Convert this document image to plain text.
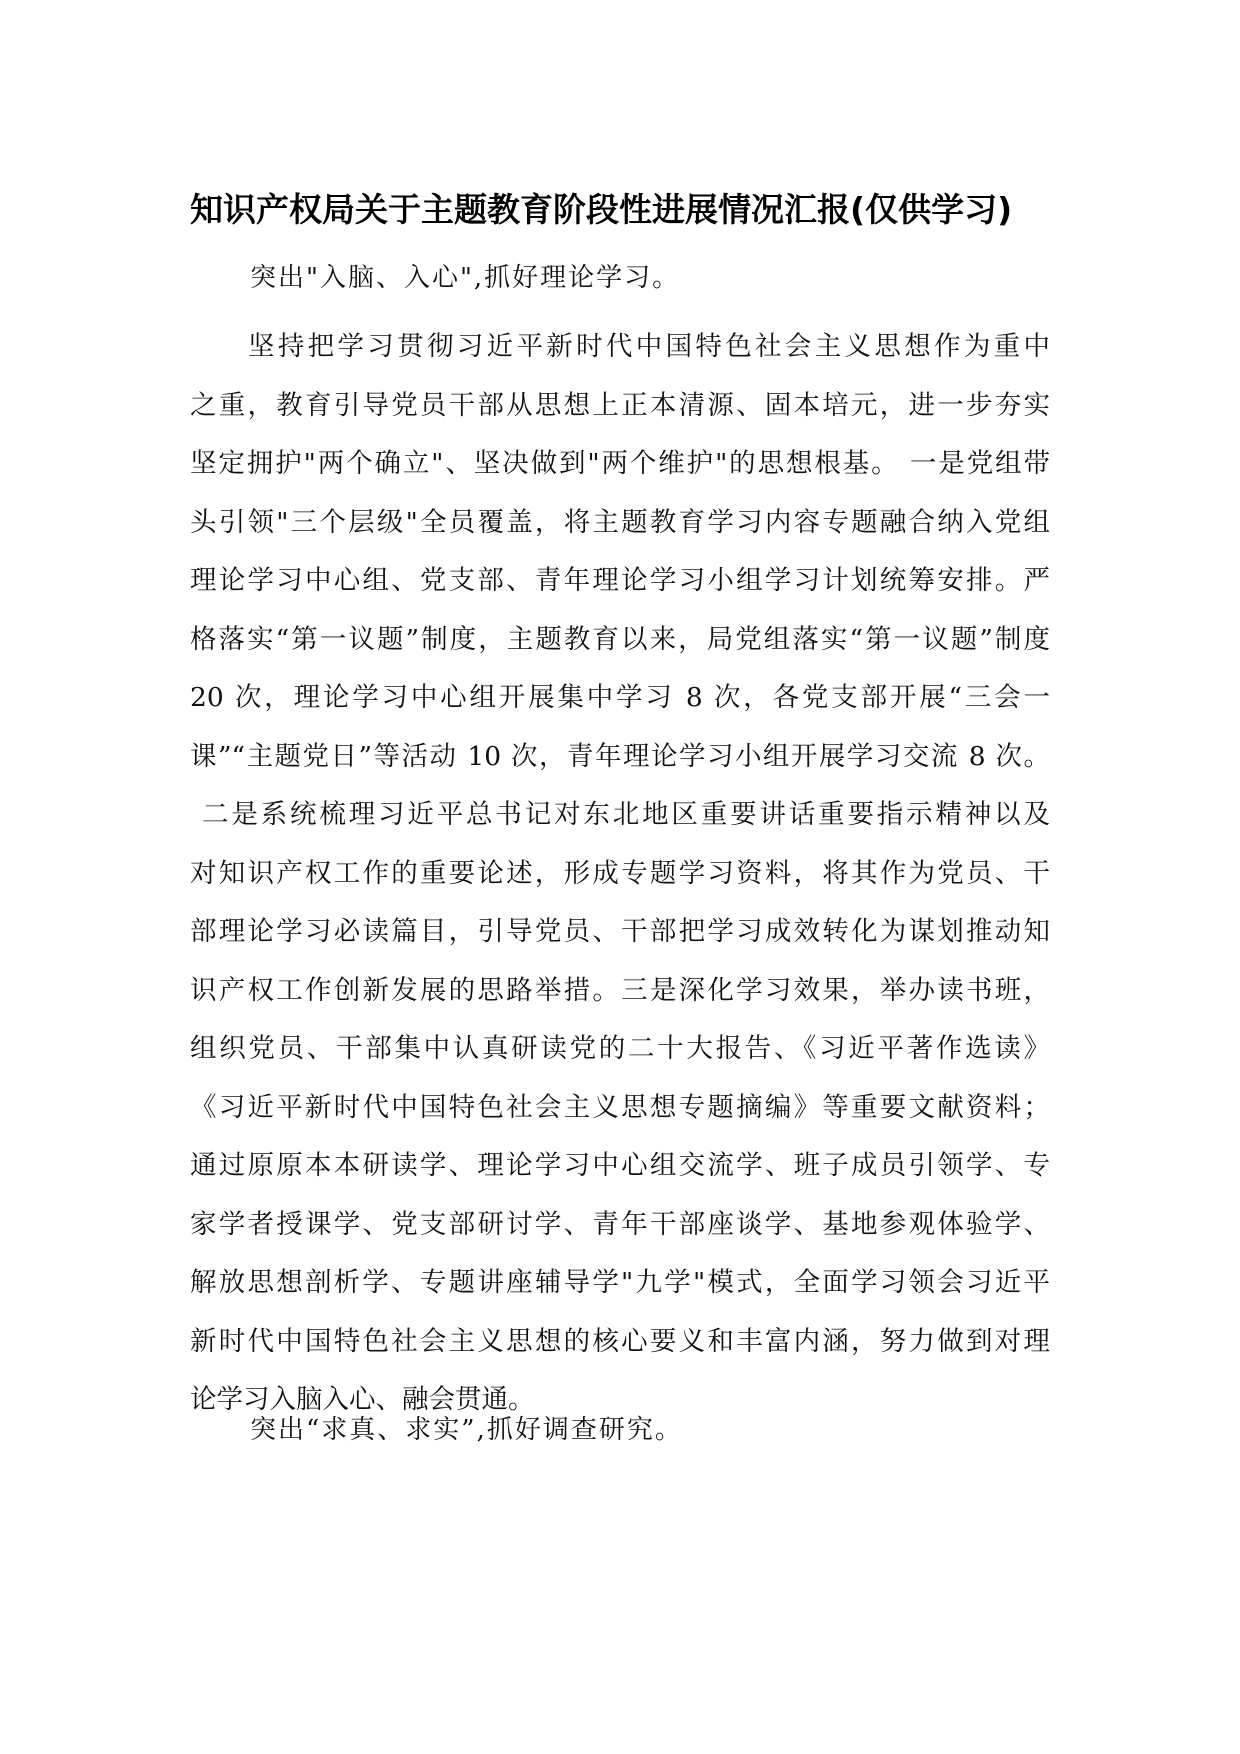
知识产权局关于主题教育阶段性进展情况汇报(仅供学习)

突出"入脑、入心",抓好理论学习。

坚持把学习贯彻习近平新时代中国特色社会主义思想作为重中
之重，教育引导党员干部从思想上正本清源、固本培元，进一步夯实
坚定拥护"两个确立"、坚决做到"两个维护"的思想根基。 一是党组带
头引领"三个层级"全员覆盖，将主题教育学习内容专题融合纳入党组
理论学习中心组、党支部、青年理论学习小组学习计划统筹安排。严
格落实“第一议题”制度，主题教育以来，局党组落实“第一议题”制度
20 次，理论学习中心组开展集中学习 8 次，各党支部开展“三会一
课”“主题党日”等活动 10 次，青年理论学习小组开展学习交流 8 次。
二是系统梳理习近平总书记对东北地区重要讲话重要指示精神以及
对知识产权工作的重要论述，形成专题学习资料，将其作为党员、干
部理论学习必读篇目，引导党员、干部把学习成效转化为谋划推动知
识产权工作创新发展的思路举措。三是深化学习效果，举办读书班，
组织党员、干部集中认真研读党的二十大报告、《习近平著作选读》
《习近平新时代中国特色社会主义思想专题摘编》等重要文献资料；
通过原原本本研读学、理论学习中心组交流学、班子成员引领学、专
家学者授课学、党支部研讨学、青年干部座谈学、基地参观体验学、
解放思想剖析学、专题讲座辅导学"九学"模式，全面学习领会习近平
新时代中国特色社会主义思想的核心要义和丰富内涵，努力做到对理
论学习入脑入心、融会贯通。

突出“求真、求实”,抓好调查研究。
